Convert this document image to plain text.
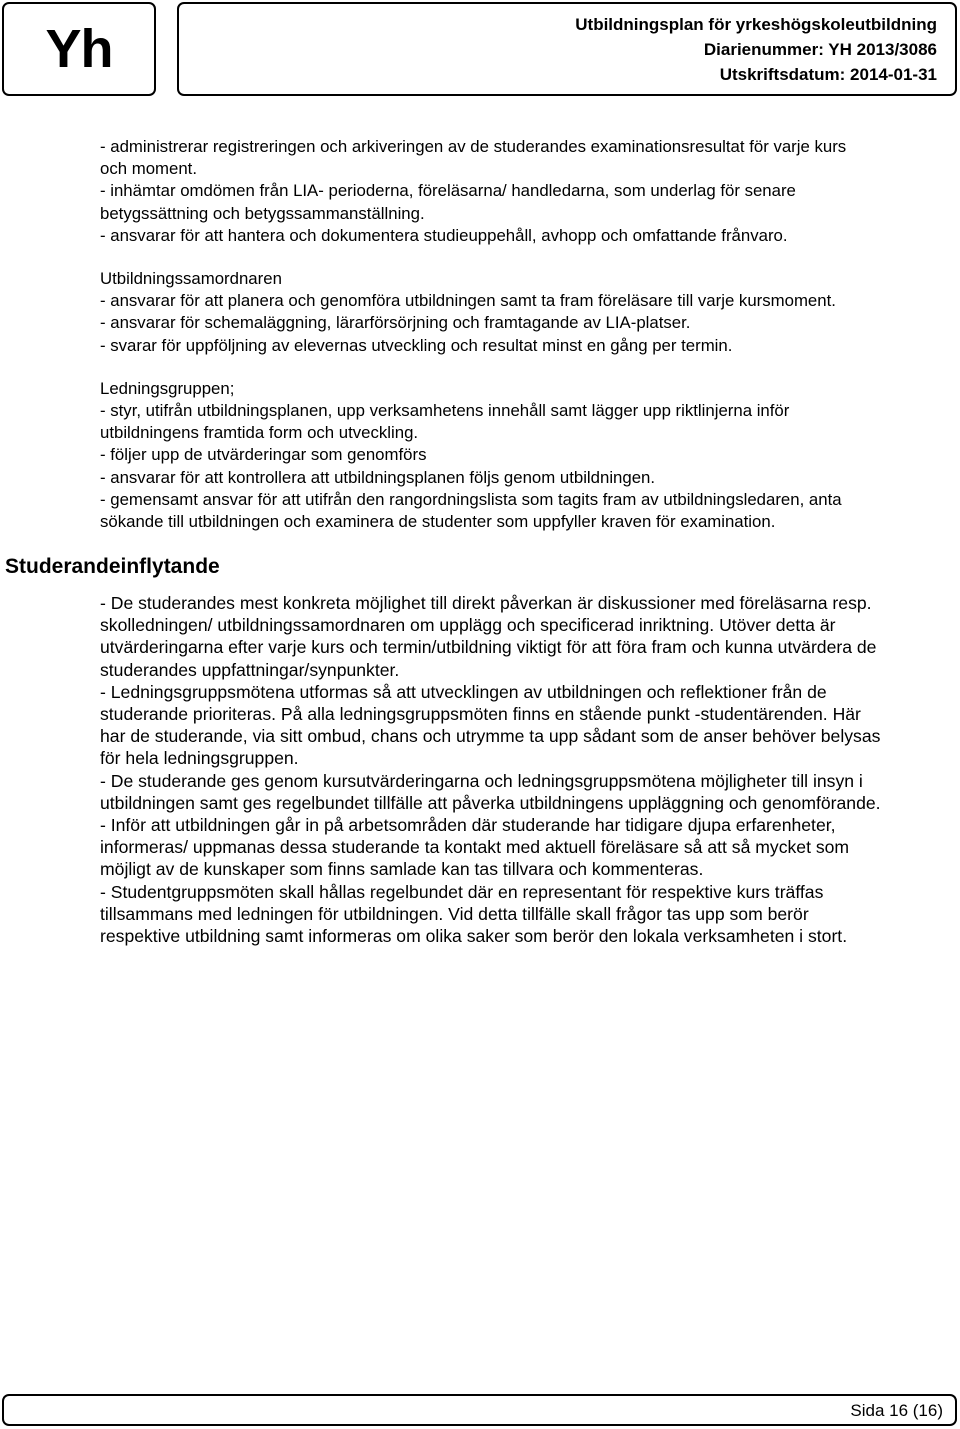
Yh	Utbildningsplan för yrkeshögskoleutbildning
Diarienummer: YH 2013/3086
Utskriftsdatum: 2014-01-31

- administrerar registreringen och arkiveringen av de studerandes examinationsresultat för varje kurs

och moment.

- inhämtar omdömen från LIA- perioderna, föreläsarna/ handledarna, som underlag för senare

betygssättning och betygssammanställning.

- ansvarar för att hantera och dokumentera studieuppehåll, avhopp och omfattande frånvaro.

Utbildningssamordnaren

- ansvarar för att planera och genomföra utbildningen samt ta fram föreläsare till varje kursmoment.

- ansvarar för schemaläggning, lärarförsörjning och framtagande av LIA-platser.

- svarar för uppföljning av elevernas utveckling och resultat minst en gång per termin.

Ledningsgruppen;

- styr, utifrån utbildningsplanen, upp verksamhetens innehåll samt lägger upp riktlinjerna inför

utbildningens framtida form och utveckling.

- följer upp de utvärderingar som genomförs

- ansvarar för att kontrollera att utbildningsplanen följs genom utbildningen.

- gemensamt ansvar för att utifrån den rangordningslista som tagits fram av utbildningsledaren, anta

sökande till utbildningen och examinera de studenter som uppfyller kraven för examination.

Studerandeinflytande

- De studerandes mest konkreta möjlighet till direkt påverkan är diskussioner med föreläsarna resp.

skolledningen/ utbildningssamordnaren om upplägg och specificerad inriktning. Utöver detta är

utvärderingarna efter varje kurs och termin/utbildning viktigt för att föra fram och kunna utvärdera de

studerandes uppfattningar/synpunkter.

- Ledningsgruppsmötena utformas så att utvecklingen av utbildningen och reflektioner från de

studerande prioriteras. På alla ledningsgruppsmöten finns en stående punkt -studentärenden. Här

har de studerande, via sitt ombud, chans och utrymme ta upp sådant som de anser behöver belysas

för hela ledningsgruppen.

- De studerande ges genom kursutvärderingarna och ledningsgruppsmötena möjligheter till insyn i

utbildningen samt ges regelbundet tillfälle att påverka utbildningens uppläggning och genomförande.

- Inför att utbildningen går in på arbetsområden där studerande har tidigare djupa erfarenheter,

informeras/ uppmanas dessa studerande ta kontakt med aktuell föreläsare så att så mycket som

möjligt av de kunskaper som finns samlade kan tas tillvara och kommenteras.

- Studentgruppsmöten skall hållas regelbundet där en representant för respektive kurs träffas

tillsammans med ledningen för utbildningen. Vid detta tillfälle skall frågor tas upp som berör

respektive utbildning samt informeras om olika saker som berör den lokala verksamheten i stort.

Sida 16 (16)
